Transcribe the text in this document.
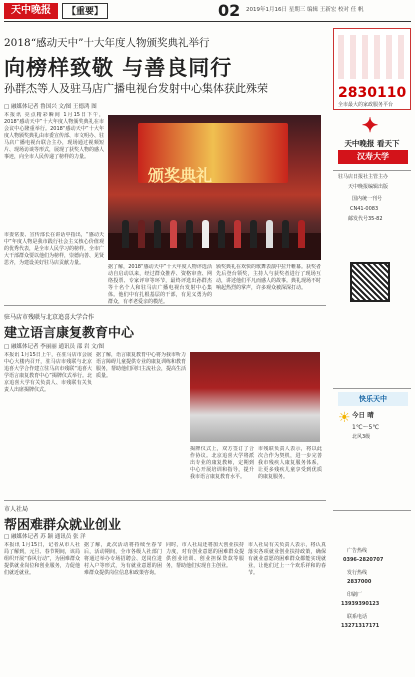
天中晚报	【重要】	02 2019年1月16日 星期三 编辑 王新宏 校对 任 帆
2018“感动天中”十大年度人物颁奖典礼举行
向榜样致敬 与善良同行
孙群杰等人及驻马店广播电视台发射中心集体获此殊荣
□ 融媒体记者 鲁国兴 文/图 王德鸿 图
本报讯 亮点精彩瞬间 1月15日下午，2018“感动天中”十大年度人物颁奖典礼在市会议中心隆重举行。2018“感动天中”十大年度人物颁奖典礼由市委宣传部、市文明办、驻马店广播电视台联合主办，现场通过视频短片、现场访谈等形式，展现了获奖人物的感人事迹，向全市人民传递了榜样的力量。
据了解，2018“感动天中”十大年度人物评选活动自启动以来，经过群众推荐、资格审查、网络投票、专家评审等环节，最终评选出孙群杰等十名个人和驻马店广播电视台发射中心集体。他们中有扎根基层的干部，有见义勇为的群众，有孝老爱亲的模范。
颁奖典礼在欢快的歌舞表演中拉开帷幕。获奖者先后登台领奖，主持人与获奖者进行了现场互动，讲述他们平凡而感人的故事。典礼现场不时响起热烈的掌声，许多观众被深深打动。
市委常委、宣传部长在讲话中指出，“感动天中”年度人物是我市践行社会主义核心价值观的优秀代表，是全市人民学习的榜样。全市广大干部群众要以他们为榜样，崇德向善、见贤思齐，为建设美好驻马店贡献力量。
颁奖典礼
驻马店市残联与北京追喜大学合作
建立语言康复教育中心
□ 融媒体记者 李丽丽 通讯员 邵 岩 文/图
本报讯 1月15日上午，在驻马店市会展中心大楼内召开，驻马店市残联与北京追喜大学合作建立驻马店市残联“追喜大学语言康复教育中心”揭牌仪式举行。北京追喜大学有关负责人、市残联有关负责人出席揭牌仪式。
据了解，语言康复教育中心将为我市听力语言障碍儿童提供专业的康复训练和教育服务，帮助他们回归主流社会，提高生活质量。
揭牌仪式上，双方签订了合作协议。北京追喜大学将派出专业的康复教师，定期到中心开展培训和指导，提升我市语言康复教育水平。
市残联负责人表示，将以此次合作为契机，进一步完善我市残疾人康复服务体系，让更多残疾儿童享受到优质的康复服务。
市人社局
帮困难群众就业创业
□ 融媒体记者 苏 颖 通讯员 张 洋
本报讯 1月15日，记者从市人社局了解到，元旦、春节期间，该局组织开展“春风行动”，为困难群众提供就业岗位和创业服务，力促他们就近就业。
据了解，此次活动将持续至春节后，活动期间，全市各级人社部门将通过举办专场招聘会、送岗位进村入户等形式，为有就业意愿的困难群众提供岗位信息和政策咨询。
同时，市人社局还将加大创业扶持力度，对有创业意愿的困难群众提供创业培训、创业担保贷款等服务，帮助他们实现自主创业。
市人社局有关负责人表示，将认真落实各项就业创业扶持政策，确保有就业意愿的困难群众都能实现就业，让他们过上一个欢乐祥和的春节。
2830110
全市最大的家政服务平台
✦
天中晚报 看天下
汉寿大学
驻马店日报社主管主办
天中晚报编辑出版
国内统一刊号
CN41-0083
邮发代号35-82
快乐天中
☀ 今日 晴
1℃～5℃
北风3级
广告热线
0396-2820707
发行热线
2837000
印刷厂
13939390123
联系电话
13271317171
